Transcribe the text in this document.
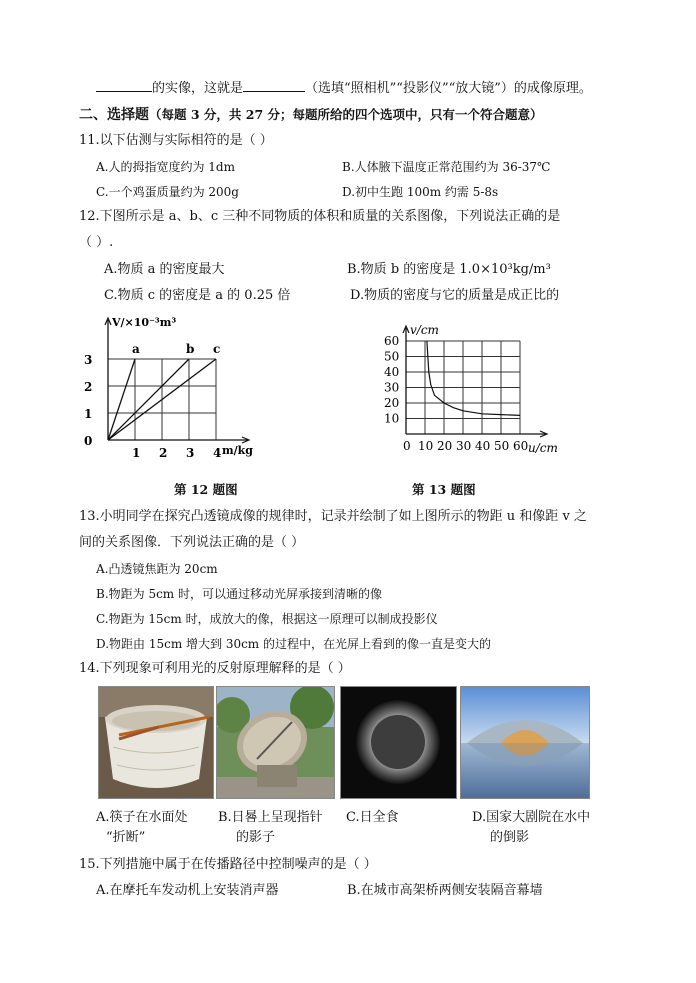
的实像，这就是	（选填“照相机”“投影仪”“放大镜”）的成像原理。
二、选择题（每题 3 分，共 27 分；每题所给的四个选项中，只有一个符合题意）
11.以下估测与实际相符的是（ ）
A.人的拇指宽度约为 1dm	B.人体腋下温度正常范围约为 36-37℃
C.一个鸡蛋质量约为 200g	D.初中生跑 100m 约需 5-8s
12.下图所示是 a、b、c 三种不同物质的体积和质量的关系图像，下列说法正确的是
（ ）.
A.物质 a 的密度最大	B.物质 b 的密度是 1.0×10³kg/m³
C.物质 c 的密度是 a 的 0.25 倍	D.物质的密度与它的质量是成正比的
a	b c
1 2 3 4
0
1
2
3
V/×10⁻³m³
m/kg	0 10 20 30 40 50 60
10
20
30
40
50
60
v/cm
u/cm
第 12 题图	第 13 题图
13.小明同学在探究凸透镜成像的规律时，记录并绘制了如上图所示的物距 u 和像距 v 之
间的关系图像．下列说法正确的是（ ）
A.凸透镜焦距为 20cm
B.物距为 5cm 时，可以通过移动光屏承接到清晰的像
C.物距为 15cm 时，成放大的像，根据这一原理可以制成投影仪
D.物距由 15cm 增大到 30cm 的过程中，在光屏上看到的像一直是变大的
14.下列现象可利用光的反射原理解释的是（ ）
A.筷子在水面处
“折断”
B.日晷上呈现指针
的影子
C.日全食	D.国家大剧院在水中
的倒影
15.下列措施中属于在传播路径中控制噪声的是（ ）
A.在摩托车发动机上安装消声器	B.在城市高架桥两侧安装隔音幕墙
